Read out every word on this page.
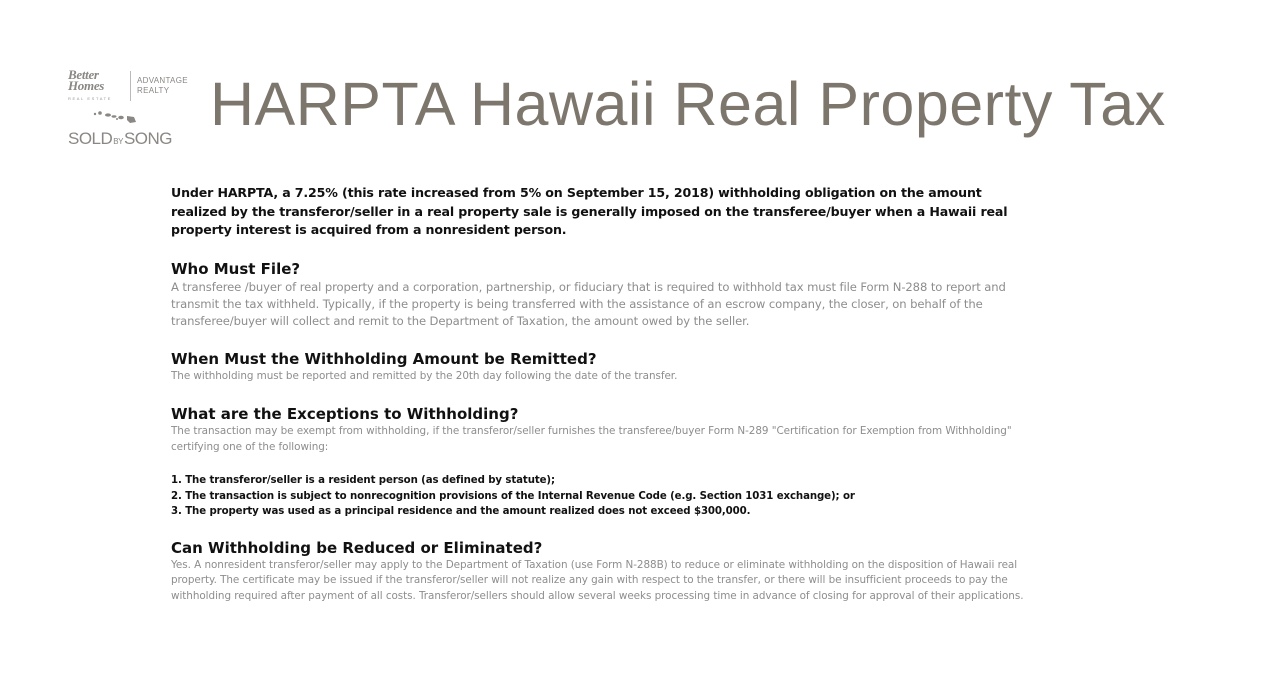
Better
Homes
REAL ESTATE
ADVANTAGE
REALTY
SOLD BY SONG
HARPTA Hawaii Real Property Tax

Under HARPTA, a 7.25% (this rate increased from 5% on September 15, 2018) withholding obligation on the amount realized by the transferor/seller in a real property sale is generally imposed on the transferee/buyer when a Hawaii real property interest is acquired from a nonresident person.

Who Must File?

A transferee /buyer of real property and a corporation, partnership, or fiduciary that is required to withhold tax must file Form N-288 to report and transmit the tax withheld. Typically, if the property is being transferred with the assistance of an escrow company, the closer, on behalf of the transferee/buyer will collect and remit to the Department of Taxation, the amount owed by the seller.

When Must the Withholding Amount be Remitted?

The withholding must be reported and remitted by the 20th day following the date of the transfer.

What are the Exceptions to Withholding?

The transaction may be exempt from withholding, if the transferor/seller furnishes the transferee/buyer Form N-289 "Certification for Exemption from Withholding" certifying one of the following:

1. The transferor/seller is a resident person (as defined by statute);
2. The transaction is subject to nonrecognition provisions of the Internal Revenue Code (e.g. Section 1031 exchange); or
3. The property was used as a principal residence and the amount realized does not exceed $300,000.
Can Withholding be Reduced or Eliminated?

Yes. A nonresident transferor/seller may apply to the Department of Taxation (use Form N-288B) to reduce or eliminate withholding on the disposition of Hawaii real property. The certificate may be issued if the transferor/seller will not realize any gain with respect to the transfer, or there will be insufficient proceeds to pay the withholding required after payment of all costs. Transferor/sellers should allow several weeks processing time in advance of closing for approval of their applications.
